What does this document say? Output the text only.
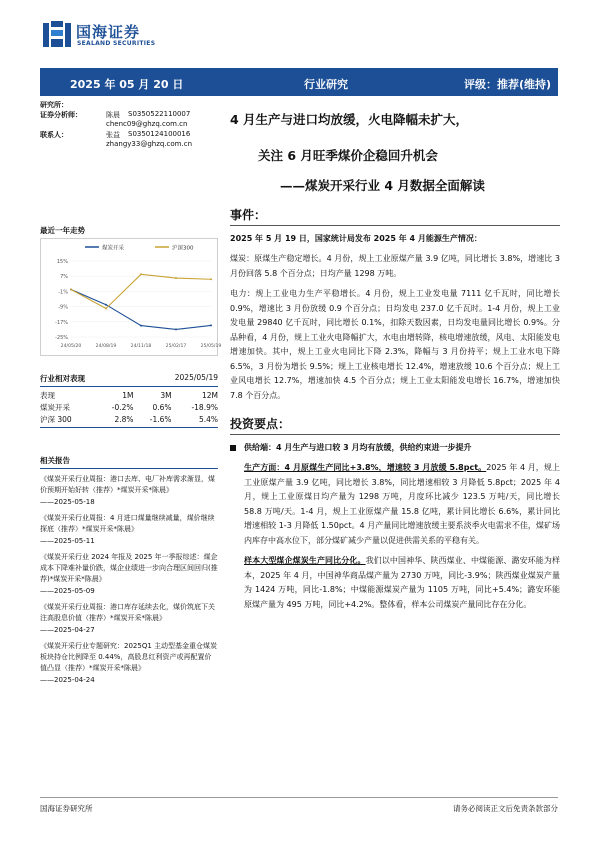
国海证券
SEALAND SECURITIES
2025 年 05 月 20 日	行业研究	评级：推荐(维持)
研究所：
证券分析师：	陈晨 S0350522110007
chenc09@ghzq.com.cn
联系人：	张益 S0350124100016
zhangy33@ghzq.com.cn
4 月生产与进口均放缓，火电降幅未扩大，
关注 6 月旺季煤价企稳回升机会
——煤炭开采行业 4 月数据全面解读
最近一年走势
煤炭开采	沪深300
15%
7%
-1%
-9%
-17%
-25%
24/05/20	24/08/19	24/11/18	25/02/17	25/05/19
行业相对表现	2025/05/19
表现	1M	3M	12M
煤炭开采	-0.2%	0.6%	-18.9%
沪深 300	2.8%	-1.6%	5.4%
相关报告
《煤炭开采行业周报：港口去库、电厂补库需求渐显，煤价预期开始好转（推荐）*煤炭开采*陈晨》
——2025-05-18
《煤炭开采行业周报：4 月进口煤量继续减量，煤价继续探底（推荐）*煤炭开采*陈晨》
——2025-05-11
《煤炭开采行业 2024 年报及 2025 年一季报综述：煤企成本下降难补量价跌，煤企业绩进一步向合理区间回归(推荐)*煤炭开采*陈晨》
——2025-05-09
《煤炭开采行业周报：港口库存延续去化，煤价筑底下关注高股息价值（推荐）*煤炭开采*陈晨》
——2025-04-27
《煤炭开采行业专题研究：2025Q1 主动型基金重仓煤炭板块持仓比例降至 0.44%，高股息红利资产或再配置价值凸显（推荐）*煤炭开采*陈晨》
——2025-04-24
事件：

2025 年 5 月 19 日，国家统计局发布 2025 年 4 月能源生产情况：

煤炭：原煤生产稳定增长。4 月份，规上工业原煤产量 3.9 亿吨，同比增长 3.8%，增速比 3 月份回落 5.8 个百分点；日均产量 1298 万吨。

电力：规上工业电力生产平稳增长。4 月份，规上工业发电量 7111 亿千瓦时，同比增长 0.9%，增速比 3 月份放缓 0.9 个百分点；日均发电 237.0 亿千瓦时。1-4 月份，规上工业发电量 29840 亿千瓦时，同比增长 0.1%，扣除天数因素，日均发电量同比增长 0.9%。分品种看，4 月份，规上工业火电降幅扩大，水电由增转降，核电增速放缓，风电、太阳能发电增速加快。其中，规上工业火电同比下降 2.3%，降幅与 3 月份持平；规上工业水电下降 6.5%，3 月份为增长 9.5%；规上工业核电增长 12.4%，增速放缓 10.6 个百分点；规上工业风电增长 12.7%，增速加快 4.5 个百分点；规上工业太阳能发电增长 16.7%，增速加快 7.8 个百分点。

投资要点：

供给端：4 月生产与进口较 3 月均有放缓，供给约束进一步提升

生产方面：4 月原煤生产同比+3.8%，增速较 3 月放缓 5.8pct。2025 年 4 月，规上工业原煤产量 3.9 亿吨，同比增长 3.8%，同比增速相较 3 月降低 5.8pct；2025 年 4 月，规上工业原煤日均产量为 1298 万吨，月度环比减少 123.5 万吨/天，同比增长 58.8 万吨/天。1-4 月，规上工业原煤产量 15.8 亿吨，累计同比增长 6.6%，累计同比增速相较 1-3 月降低 1.50pct。4 月产量同比增速放缓主要系淡季火电需求不佳，煤矿场内库存中高水位下，部分煤矿减少产量以促进供需关系的平稳有关。

样本大型煤企煤炭生产同比分化。我们以中国神华、陕西煤业、中煤能源、潞安环能为样本，2025 年 4 月，中国神华商品煤产量为 2730 万吨，同比-3.9%；陕西煤业煤炭产量为 1424 万吨，同比-1.8%；中煤能源煤炭产量为 1105 万吨，同比+5.4%；潞安环能原煤产量为 495 万吨，同比+4.2%。整体看，样本公司煤炭产量同比存在分化。

国海证券研究所	请务必阅读正文后免责条款部分
